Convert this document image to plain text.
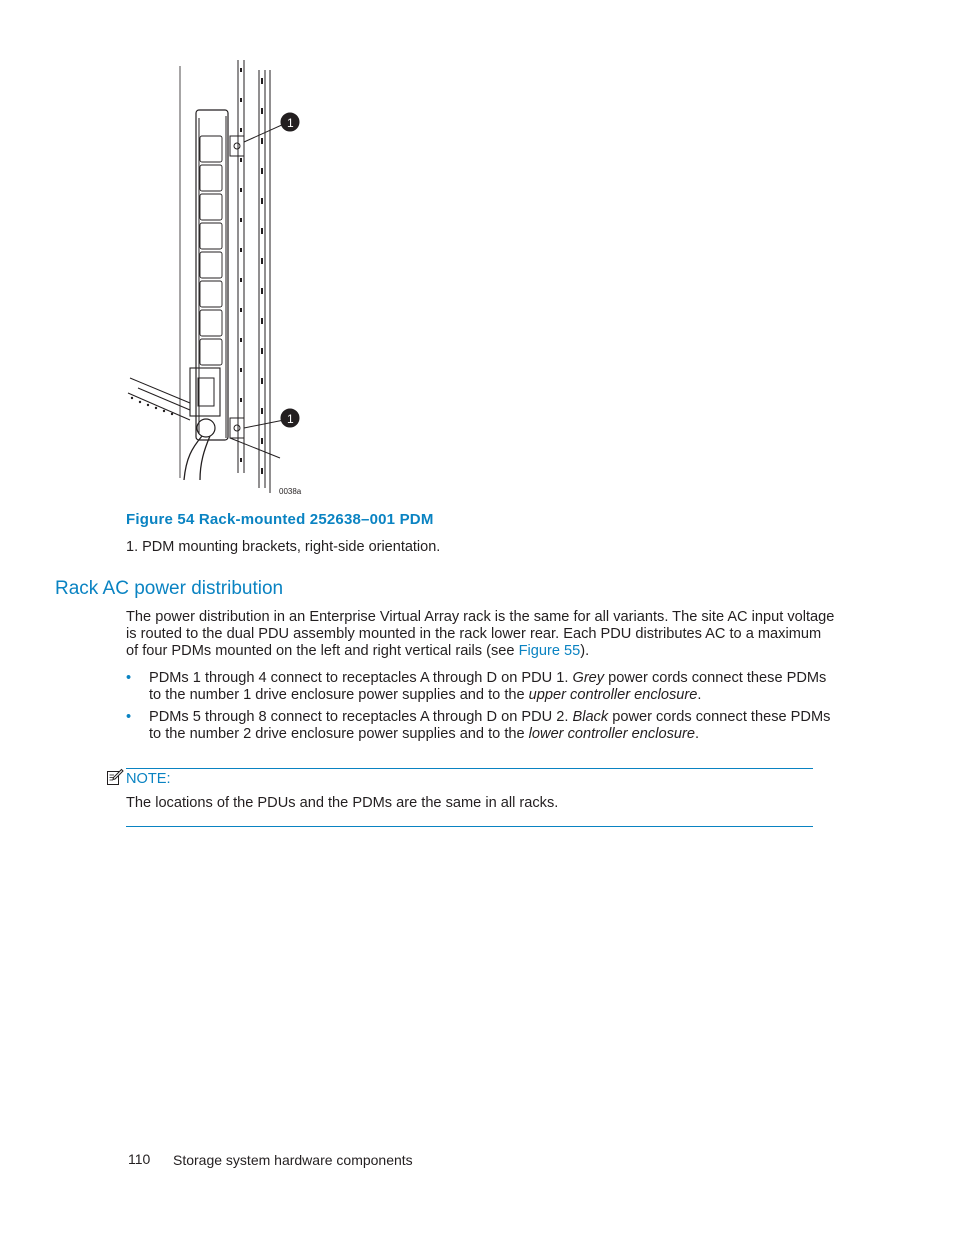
1
1
0038a
Figure 54 Rack-mounted 252638–001 PDM
1. PDM mounting brackets, right-side orientation.
Rack AC power distribution
The power distribution in an Enterprise Virtual Array rack is the same for all variants. The site AC input voltage is routed to the dual PDU assembly mounted in the rack lower rear. Each PDU distributes AC to a maximum of four PDMs mounted on the left and right vertical rails (see Figure 55).
• PDMs 1 through 4 connect to receptacles A through D on PDU 1. Grey power cords connect these PDMs to the number 1 drive enclosure power supplies and to the upper controller enclosure.
• PDMs 5 through 8 connect to receptacles A through D on PDU 2. Black power cords connect these PDMs to the number 2 drive enclosure power supplies and to the lower controller enclosure.
NOTE:
The locations of the PDUs and the PDMs are the same in all racks.
110 Storage system hardware components
